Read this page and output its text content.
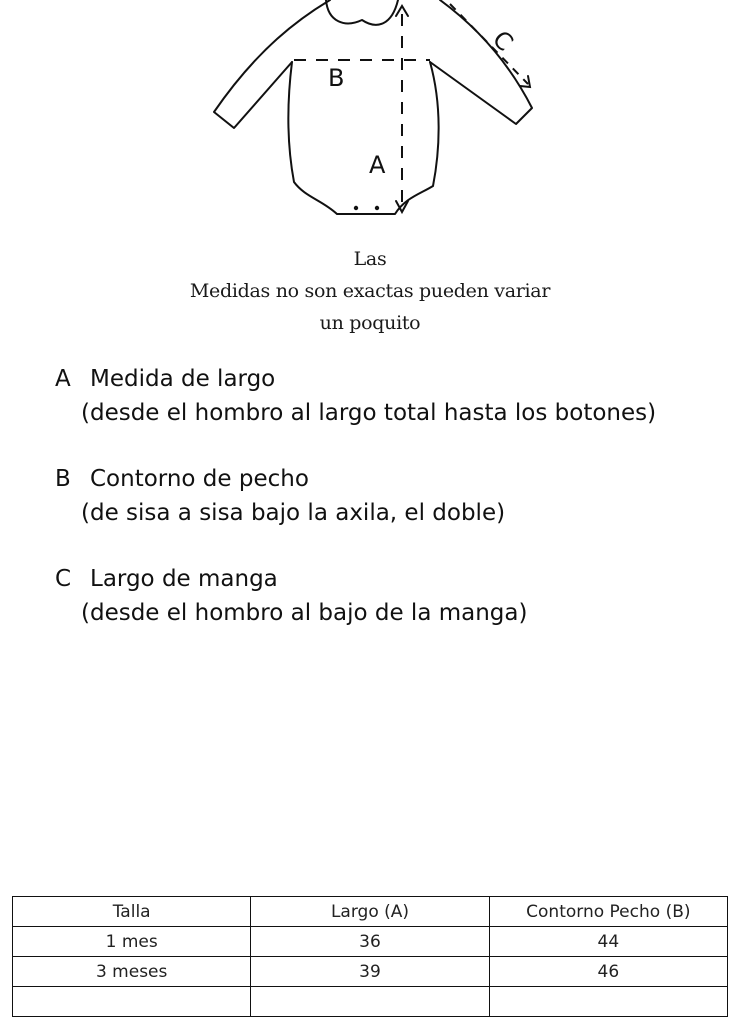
B
A
C
Las
Medidas no son exactas pueden variar
un poquito
A Medida de largo
(desde el hombro al largo total hasta los botones)
B Contorno de pecho
(de sisa a sisa bajo la axila, el doble)
C Largo de manga
(desde el hombro al bajo de la manga)
Talla	Largo (A)	Contorno Pecho (B)
1 mes	36	44
3 meses	39	46
